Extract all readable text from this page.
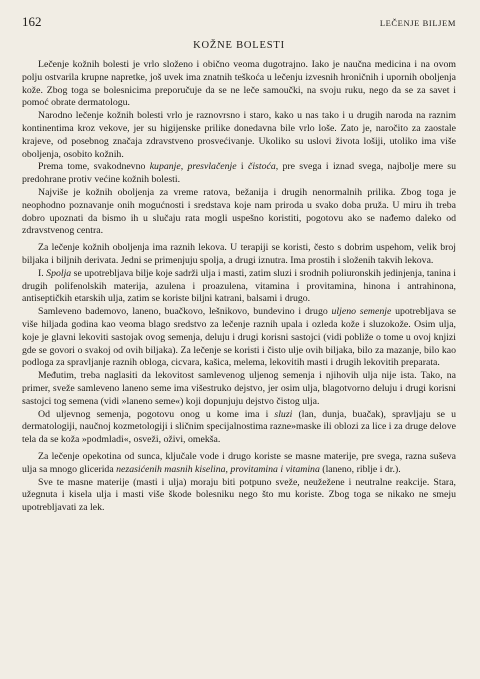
162	LEČENJE BILJEM
KOŽNE BOLESTI

Lečenje kožnih bolesti je vrlo složeno i obično veoma dugotrajno. Iako je naučna medicina i na ovom polju ostvarila krupne napretke, još uvek ima znatnih teškoća u lečenju izvesnih hroničnih i upornih oboljenja kože. Zbog toga se bolesnicima preporučuje da se ne leče samoučki, na svoju ruku, nego da se za savet i pomoć obrate dermatologu.

Narodno lečenje kožnih bolesti vrlo je raznovrsno i staro, kako u nas tako i u drugih naroda na raznim kontinentima kroz vekove, jer su higijenske prilike donedavna bile vrlo loše. Zato je, naročito za zaostale krajeve, od posebnog značaja zdravstveno prosvećivanje. Ukoliko su uslovi života lošiji, utoliko ima više oboljenja, osobito kožnih.

Prema tome, svakodnevno kupanje, presvlačenje i čistoća, pre svega i iznad svega, najbolje mere su predohrane protiv većine kožnih bolesti.

Najviše je kožnih oboljenja za vreme ratova, bežanija i drugih nenormalnih prilika. Zbog toga je neophodno poznavanje onih mogućnosti i sredstava koje nam priroda u svako doba pruža. U miru ih treba dobro upoznati da bismo ih u slučaju rata mogli uspešno koristiti, pogotovu ako se nađemo daleko od zdravstvenog centra.

Za lečenje kožnih oboljenja ima raznih lekova. U terapiji se koristi, često s dobrim uspehom, velik broj biljaka i biljnih derivata. Jedni se primenjuju spolja, a drugi iznutra. Ima prostih i složenih takvih lekova.

I. Spolja se upotrebljava bilje koje sadrži ulja i masti, zatim sluzi i srodnih poliuronskih jedinjenja, tanina i drugih polifenolskih materija, azulena i proazulena, vitamina i provitamina, hinona i antrahinona, antiseptičkih etarskih ulja, zatim se koriste biljni katrani, balsami i drugo.

Samleveno bademovo, laneno, buačkovo, lešnikovo, bundevino i drugo uljeno semenje upotrebljava se više hiljada godina kao veoma blago sredstvo za lečenje raznih upala i ozleda kože i sluzokože. Osim ulja, koje je glavni lekoviti sastojak ovog semenja, deluju i drugi korisni sastojci (vidi pobliže o tome u ovoj knjizi gde se govori o svakoj od ovih biljaka). Za lečenje se koristi i čisto ulje ovih biljaka, bilo za mazanje, bilo kao podloga za spravljanje raznih obloga, cicvara, kašica, melema, lekovitih masti i drugih lekovitih preparata.

Međutim, treba naglasiti da lekovitost samlevenog uljenog semenja i njihovih ulja nije ista. Tako, na primer, sveže samleveno laneno seme ima višestruko dejstvo, jer osim ulja, blagotvorno deluju i drugi korisni sastojci tog semena (vidi »laneno seme«) koji dopunjuju dejstvo čistog ulja.

Od uljevnog semenja, pogotovu onog u kome ima i sluzi (lan, dunja, buačak), spravljaju se u dermatologiji, naučnoj kozmetologiji i sličnim specijalnostima razne»maske ili oblozi za lice i za druge delove tela da se koža »podmladi«, osveži, oživi, omekša.

Za lečenje opekotina od sunca, ključale vode i drugo koriste se masne materije, pre svega, razna suševa ulja sa mnogo glicerida nezasićenih masnih kiselina, provitamina i vitamina (laneno, riblje i dr.).

Sve te masne materije (masti i ulja) moraju biti potpuno sveže, neužežene i neutralne reakcije. Stara, užegnuta i kisela ulja i masti više škode bolesniku nego što mu koriste. Zbog toga se nikako ne smeju upotrebljavati za lek.
